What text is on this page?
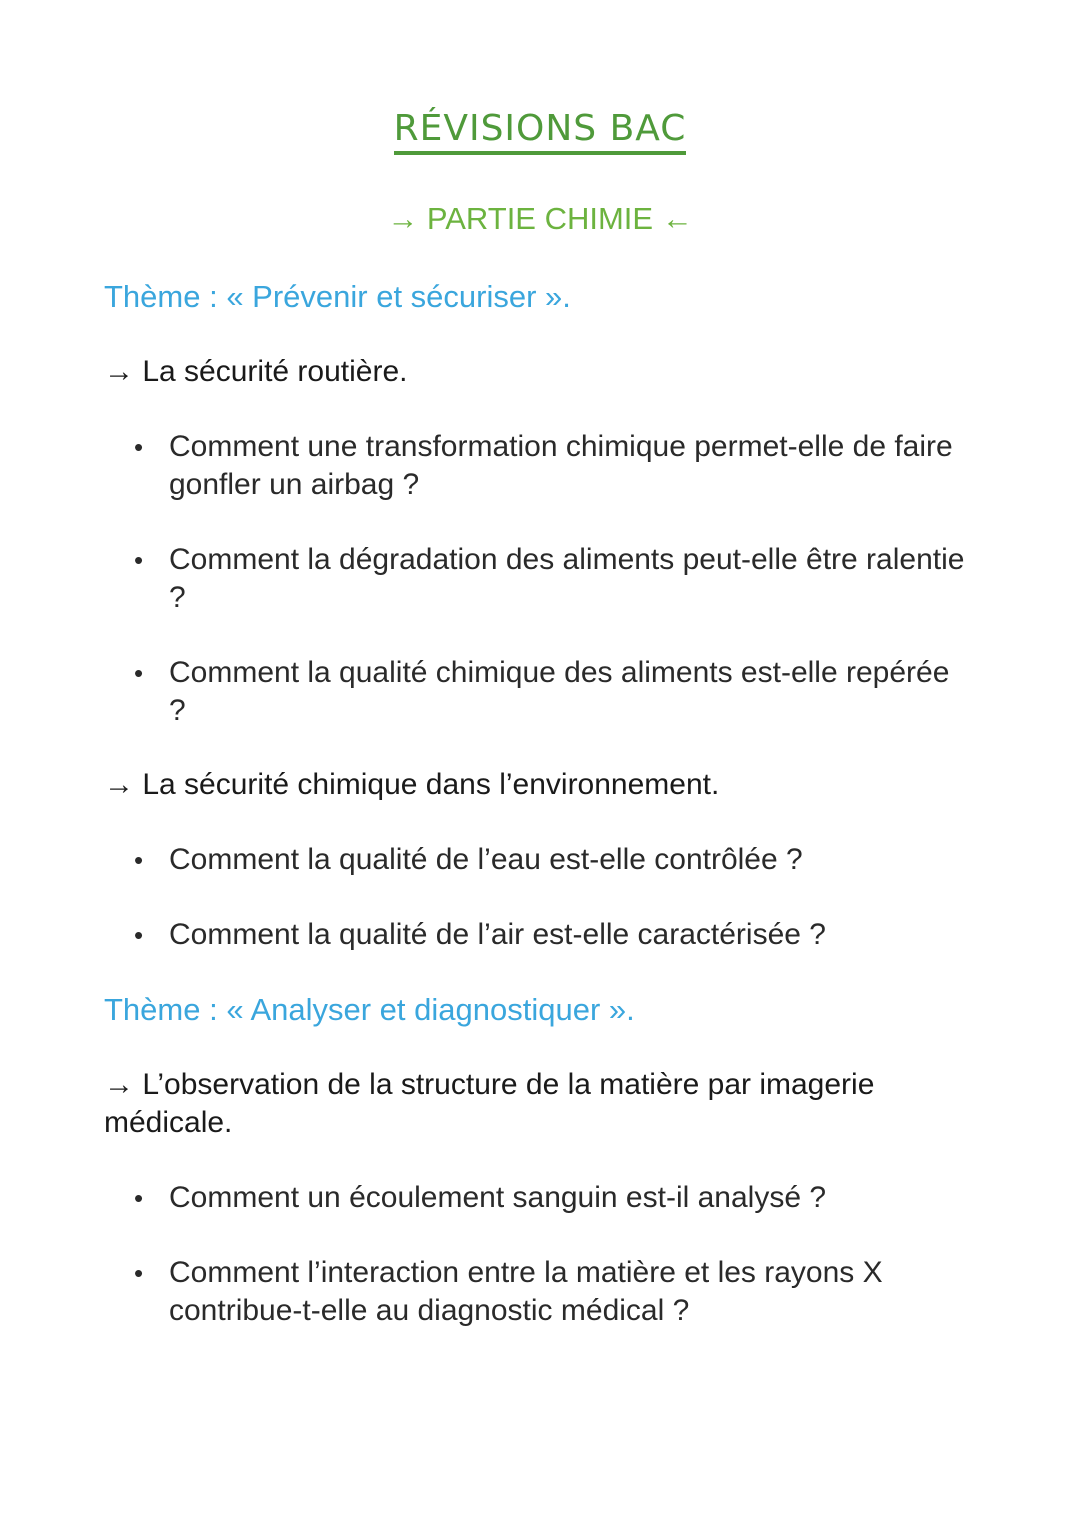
RÉVISIONS BAC

→ PARTIE CHIMIE ←

Thème : « Prévenir et sécuriser ».

→ La sécurité routière.

• Comment une transformation chimique permet-elle de faire gonfler un airbag ?
• Comment la dégradation des aliments peut-elle être ralentie ?
• Comment la qualité chimique des aliments est-elle repérée ?

→ La sécurité chimique dans l’environnement.

• Comment la qualité de l’eau est-elle contrôlée ?
• Comment la qualité de l’air est-elle caractérisée ?

Thème : « Analyser et diagnostiquer ».

→ L’observation de la structure de la matière par imagerie médicale.

• Comment un écoulement sanguin est-il analysé ?
• Comment l’interaction entre la matière et les rayons X contribue-t-elle au diagnostic médical ?
